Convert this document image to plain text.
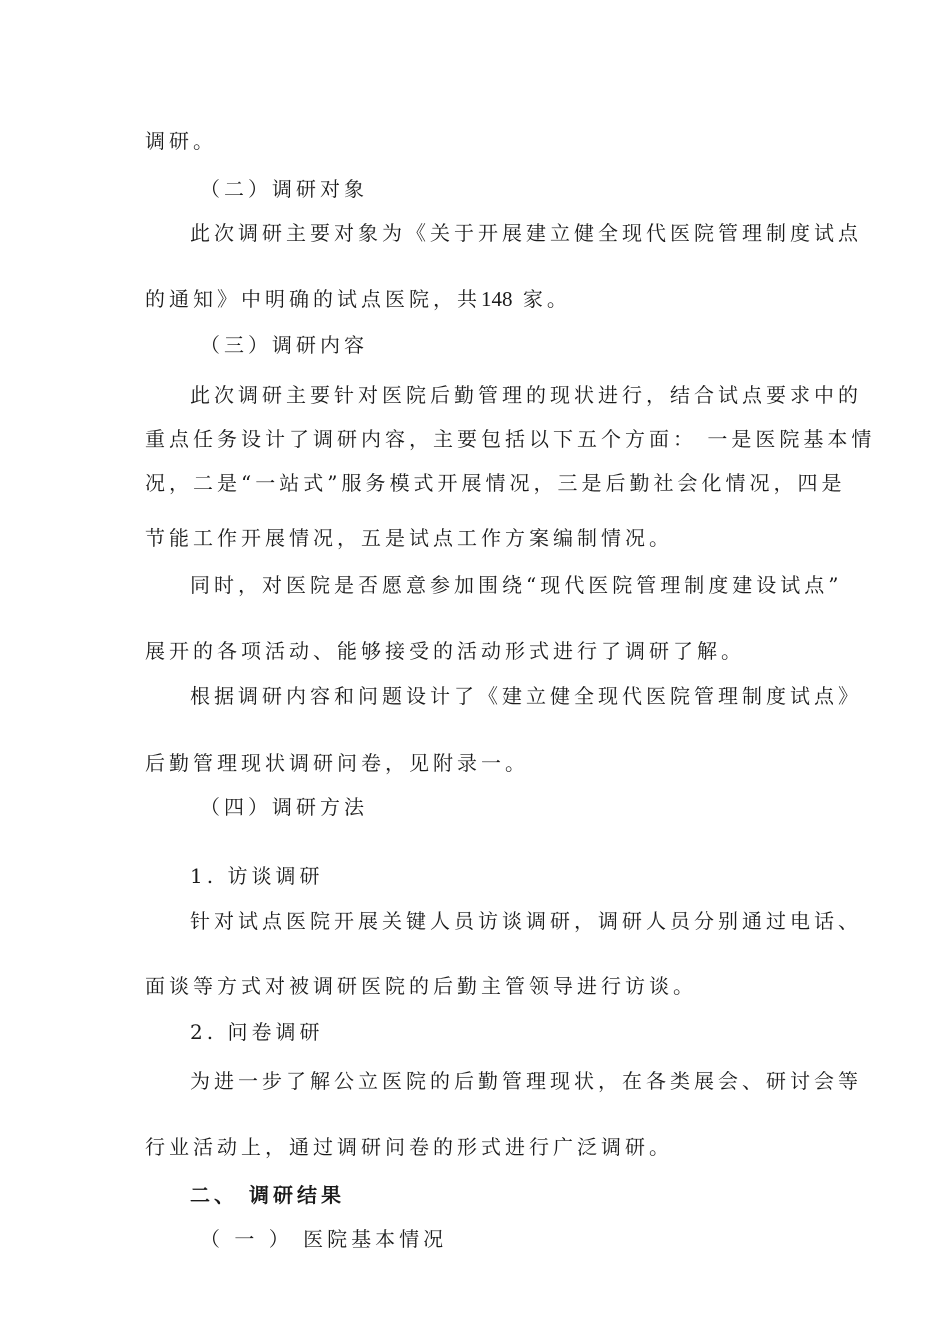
调研。
（二）调研对象
此次调研主要对象为《关于开展建立健全现代医院管理制度试点
的通知》中明确的试点医院，共148 家。
（三）调研内容
此次调研主要针对医院后勤管理的现状进行，结合试点要求中的
重点任务设计了调研内容，主要包括以下五个方面： 一是医院基本情
况，二是“一站式”服务模式开展情况，三是后勤社会化情况，四是
节能工作开展情况，五是试点工作方案编制情况。
同时，对医院是否愿意参加围绕“现代医院管理制度建设试点”
展开的各项活动、能够接受的活动形式进行了调研了解。
根据调研内容和问题设计了《建立健全现代医院管理制度试点》
后勤管理现状调研问卷，见附录一。
（四）调研方法
1. 访谈调研
针对试点医院开展关键人员访谈调研，调研人员分别通过电话、
面谈等方式对被调研医院的后勤主管领导进行访谈。
2. 问卷调研
为进一步了解公立医院的后勤管理现状，在各类展会、研讨会等
行业活动上，通过调研问卷的形式进行广泛调研。
二、 调研结果
（ 一 ） 医院基本情况
